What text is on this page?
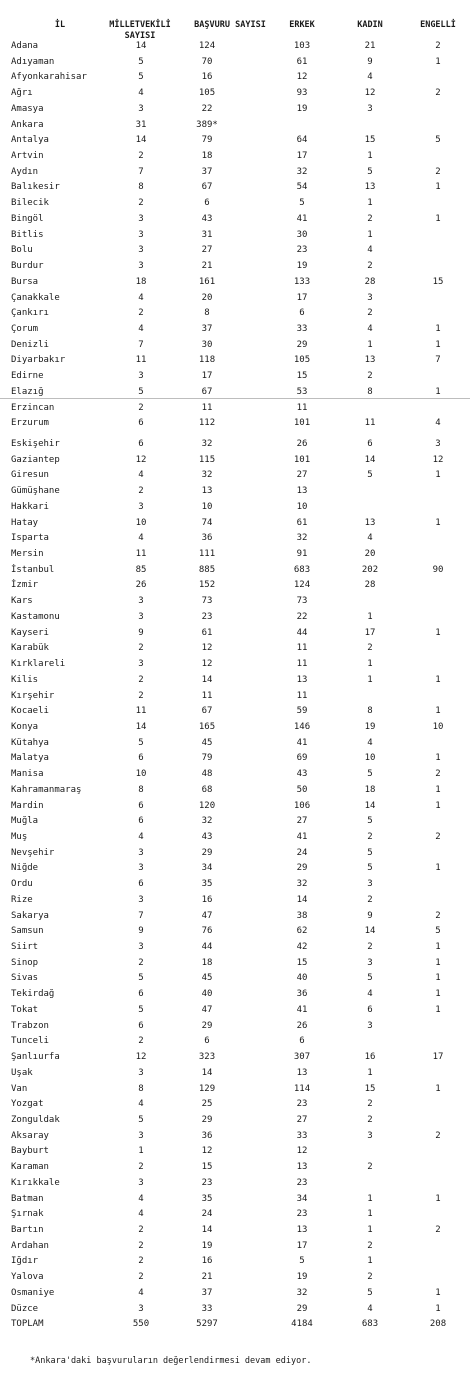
İL	MİLLETVEKİLİ
SAYISI
BAŞVURU SAYISI	ERKEK	KADIN	ENGELLİ
Adana	14	124	103	21	2
Adıyaman	5	70	61	9	1
Afyonkarahisar	5	16	12	4
Ağrı	4	105	93	12	2
Amasya	3	22	19	3
Ankara	31	389*
Antalya	14	79	64	15	5
Artvin	2	18	17	1
Aydın	7	37	32	5	2
Balıkesir	8	67	54	13	1
Bilecik	2	6	5	1
Bingöl	3	43	41	2	1
Bitlis	3	31	30	1
Bolu	3	27	23	4
Burdur	3	21	19	2
Bursa	18	161	133	28	15
Çanakkale	4	20	17	3
Çankırı	2	8	6	2
Çorum	4	37	33	4	1
Denizli	7	30	29	1	1
Diyarbakır	11	118	105	13	7
Edirne	3	17	15	2
Elazığ	5	67	53	8	1
Erzincan	2	11	11
Erzurum	6	112	101	11	4
Eskişehir	6	32	26	6	3
Gaziantep	12	115	101	14	12
Giresun	4	32	27	5	1
Gümüşhane	2	13	13
Hakkari	3	10	10
Hatay	10	74	61	13	1
Isparta	4	36	32	4
Mersin	11	111	91	20
İstanbul	85	885	683	202	90
İzmir	26	152	124	28
Kars	3	73	73
Kastamonu	3	23	22	1
Kayseri	9	61	44	17	1
Karabük	2	12	11	2
Kırklareli	3	12	11	1
Kilis	2	14	13	1	1
Kırşehir	2	11	11
Kocaeli	11	67	59	8	1
Konya	14	165	146	19	10
Kütahya	5	45	41	4
Malatya	6	79	69	10	1
Manisa	10	48	43	5	2
Kahramanmaraş	8	68	50	18	1
Mardin	6	120	106	14	1
Muğla	6	32	27	5
Muş	4	43	41	2	2
Nevşehir	3	29	24	5
Niğde	3	34	29	5	1
Ordu	6	35	32	3
Rize	3	16	14	2
Sakarya	7	47	38	9	2
Samsun	9	76	62	14	5
Siirt	3	44	42	2	1
Sinop	2	18	15	3	1
Sivas	5	45	40	5	1
Tekirdağ	6	40	36	4	1
Tokat	5	47	41	6	1
Trabzon	6	29	26	3
Tunceli	2	6	6
Şanlıurfa	12	323	307	16	17
Uşak	3	14	13	1
Van	8	129	114	15	1
Yozgat	4	25	23	2
Zonguldak	5	29	27	2
Aksaray	3	36	33	3	2
Bayburt	1	12	12
Karaman	2	15	13	2
Kırıkkale	3	23	23
Batman	4	35	34	1	1
Şırnak	4	24	23	1
Bartın	2	14	13	1	2
Ardahan	2	19	17	2
Iğdır	2	16	5	1
Yalova	2	21	19	2
Osmaniye	4	37	32	5	1
Düzce	3	33	29	4	1
TOPLAM	550	5297	4184	683	208
*Ankara'daki başvuruların değerlendirmesi devam ediyor.
